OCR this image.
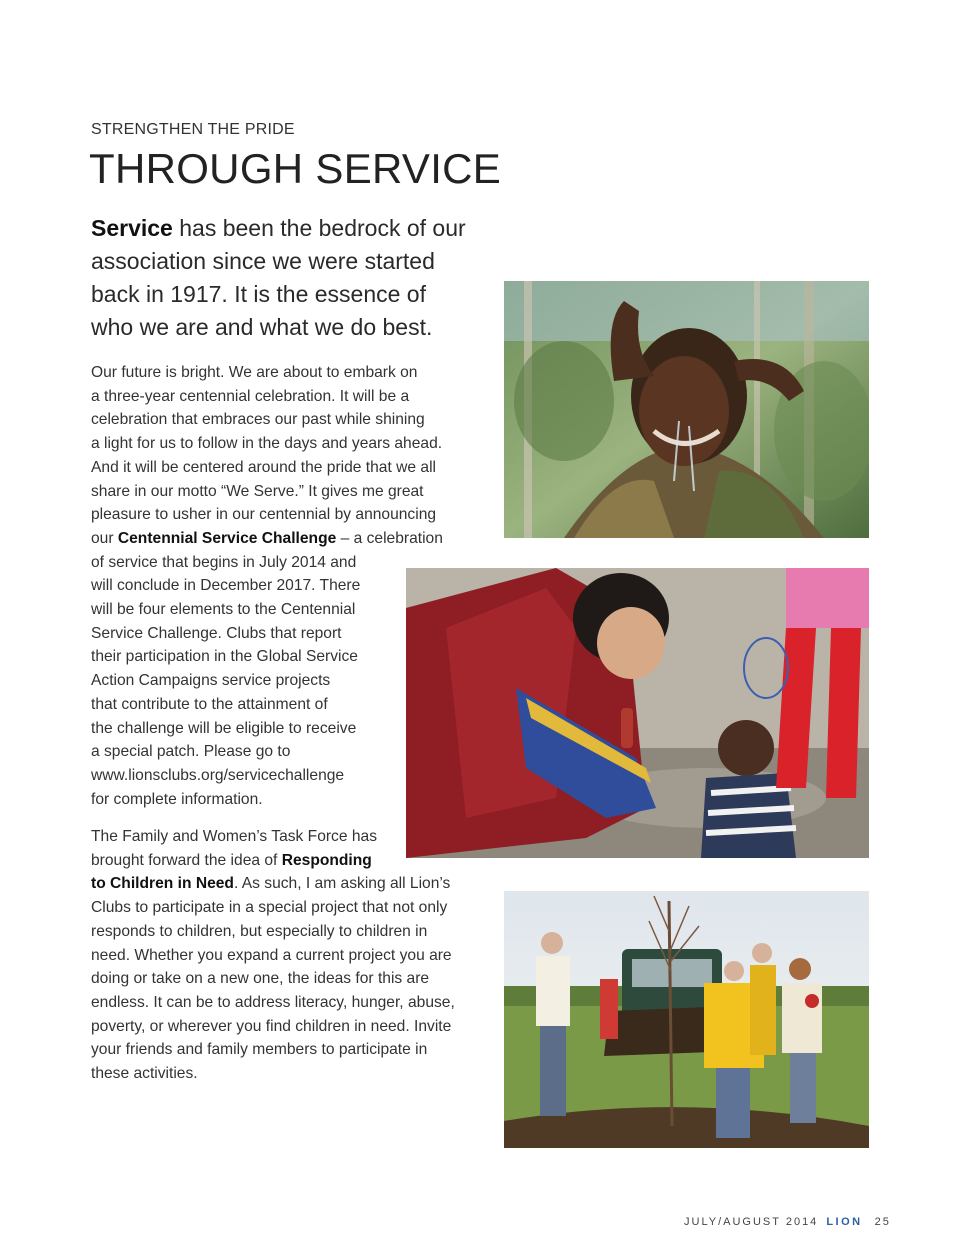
STRENGTHEN THE PRIDE
THROUGH SERVICE
Service has been the bedrock of our
association since we were started
back in 1917. It is the essence of
who we are and what we do best.
Our future is bright. We are about to embark on
a three-year centennial celebration. It will be a
celebration that embraces our past while shining
a light for us to follow in the days and years ahead.
And it will be centered around the pride that we all
share in our motto “We Serve.” It gives me great
pleasure to usher in our centennial by announcing
our Centennial Service Challenge – a celebration
of service that begins in July 2014 and
will conclude in December 2017. There
will be four elements to the Centennial
Service Challenge. Clubs that report
their participation in the Global Service
Action Campaigns service projects
that contribute to the attainment of
the challenge will be eligible to receive
a special patch. Please go to
www.lionsclubs.org/servicechallenge
for complete information.
The Family and Women’s Task Force has
brought forward the idea of Responding
to Children in Need. As such, I am asking all Lion’s
Clubs to participate in a special project that not only
responds to children, but especially to children in
need. Whether you expand a current project you are
doing or take on a new one, the ideas for this are
endless. It can be to address literacy, hunger, abuse,
poverty, or wherever you find children in need. Invite
your friends and family members to participate in
these activities.
JULY/AUGUST 2014 LION 25
